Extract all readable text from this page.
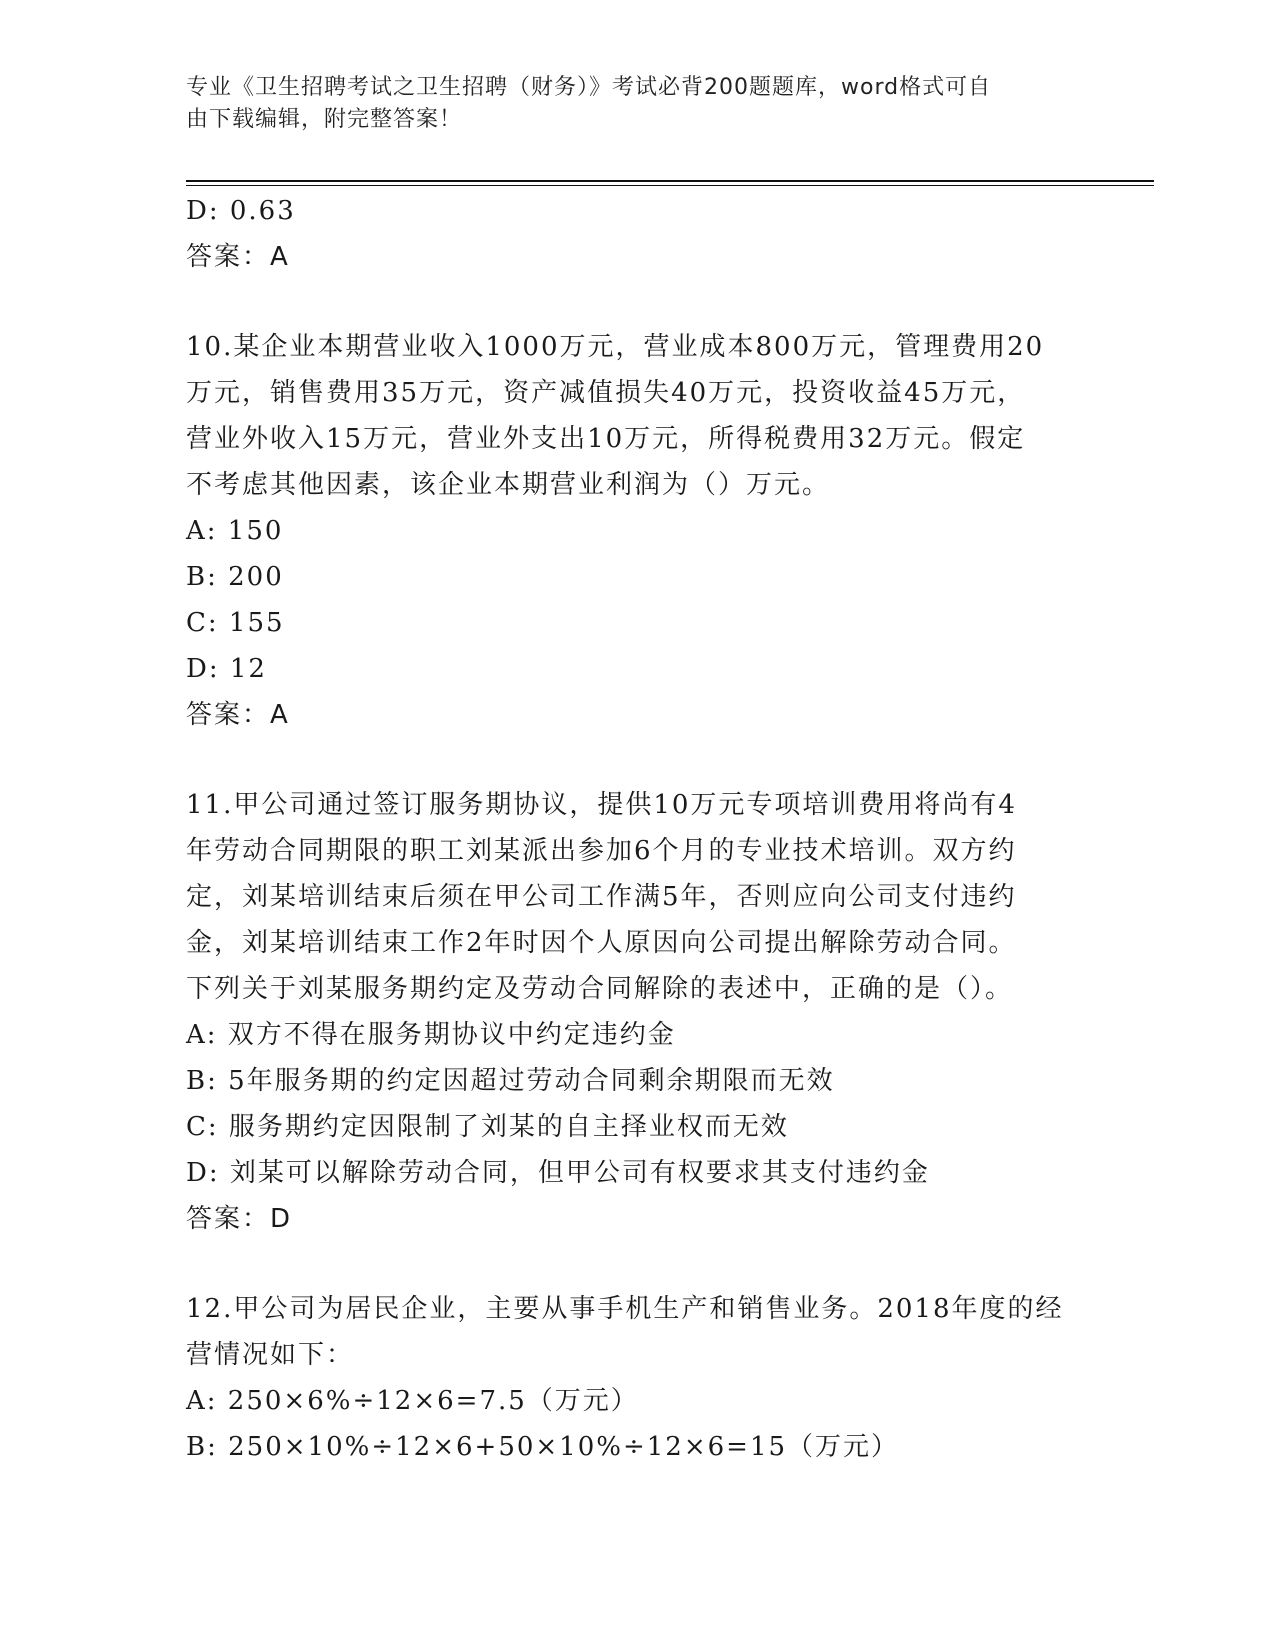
专业《卫生招聘考试之卫生招聘（财务）》考试必背200题题库，word格式可自
由下载编辑，附完整答案！

D: 0.63

答案：A

10.某企业本期营业收入1000万元，营业成本800万元，管理费用20

万元，销售费用35万元，资产减值损失40万元，投资收益45万元，

营业外收入15万元，营业外支出10万元，所得税费用32万元。假定

不考虑其他因素，该企业本期营业利润为（）万元。

A: 150

B: 200

C: 155

D: 12

答案：A

11.甲公司通过签订服务期协议，提供10万元专项培训费用将尚有4

年劳动合同期限的职工刘某派出参加6个月的专业技术培训。双方约

定，刘某培训结束后须在甲公司工作满5年，否则应向公司支付违约

金，刘某培训结束工作2年时因个人原因向公司提出解除劳动合同。

下列关于刘某服务期约定及劳动合同解除的表述中，正确的是（）。

A: 双方不得在服务期协议中约定违约金

B: 5年服务期的约定因超过劳动合同剩余期限而无效

C: 服务期约定因限制了刘某的自主择业权而无效

D: 刘某可以解除劳动合同，但甲公司有权要求其支付违约金

答案：D

12.甲公司为居民企业，主要从事手机生产和销售业务。2018年度的经

营情况如下：

A: 250×6%÷12×6=7.5（万元）

B: 250×10%÷12×6+50×10%÷12×6=15（万元）
